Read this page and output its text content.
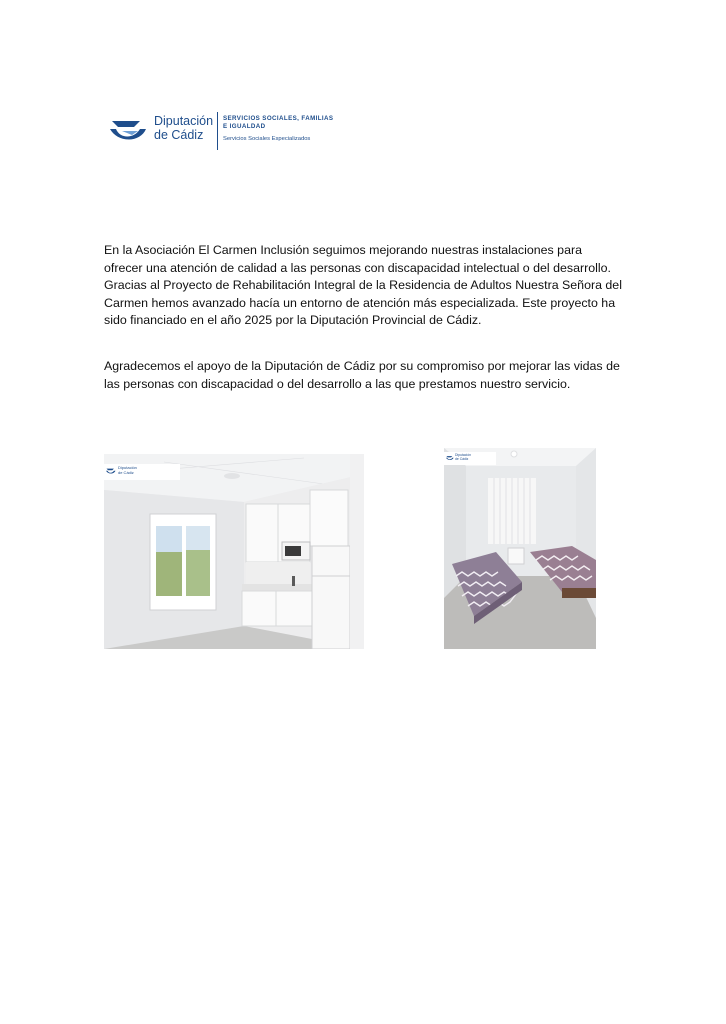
Diputación
de Cádiz
SERVICIOS SOCIALES, FAMILIAS
E IGUALDAD
Servicios Sociales Especializados

En la Asociación El Carmen Inclusión seguimos mejorando nuestras instalaciones para ofrecer una atención de calidad a las personas con discapacidad intelectual o del desarrollo. Gracias al Proyecto de Rehabilitación Integral de la Residencia de Adultos Nuestra Señora del Carmen hemos avanzado hacía un entorno de atención más especializada. Este proyecto ha sido financiado en el año 2025 por la Diputación Provincial de Cádiz.

Agradecemos el apoyo de la Diputación de Cádiz por su compromiso por mejorar las vidas de las personas con discapacidad o del desarrollo a las que prestamos nuestro servicio.

Diputación
de Cádiz
Diputación
de Cádiz
